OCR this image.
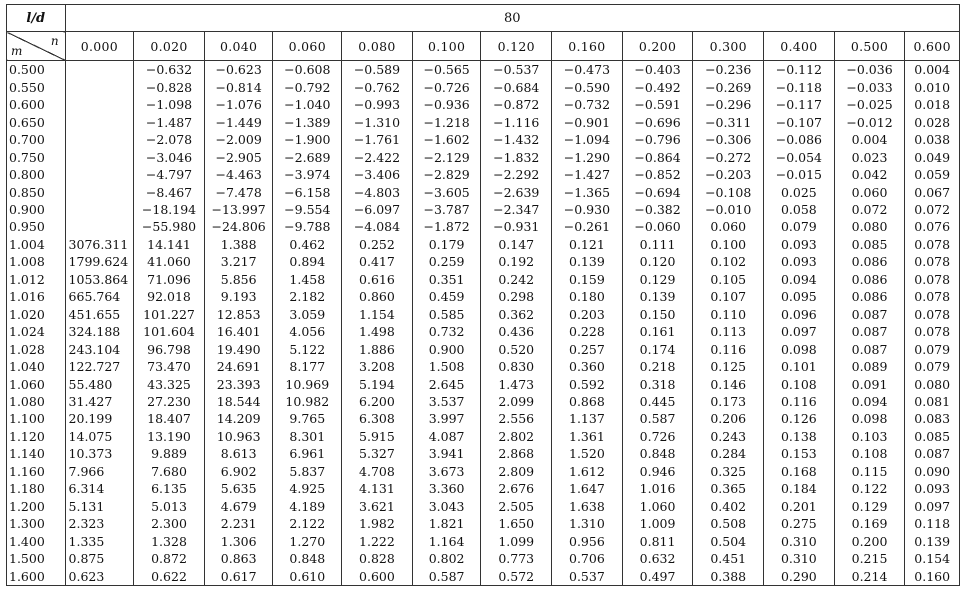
l/d	80												

n
m	0.000	0.020	0.040	0.060	0.080	0.100	0.120	0.160	0.200	0.300	0.400	0.500	0.600
0.500		−0.632	−0.623	−0.608	−0.589	−0.565	−0.537	−0.473	−0.403	−0.236	−0.112	−0.036	0.004
0.550		−0.828	−0.814	−0.792	−0.762	−0.726	−0.684	−0.590	−0.492	−0.269	−0.118	−0.033	0.010
0.600		−1.098	−1.076	−1.040	−0.993	−0.936	−0.872	−0.732	−0.591	−0.296	−0.117	−0.025	0.018
0.650		−1.487	−1.449	−1.389	−1.310	−1.218	−1.116	−0.901	−0.696	−0.311	−0.107	−0.012	0.028
0.700		−2.078	−2.009	−1.900	−1.761	−1.602	−1.432	−1.094	−0.796	−0.306	−0.086	0.004	0.038
0.750		−3.046	−2.905	−2.689	−2.422	−2.129	−1.832	−1.290	−0.864	−0.272	−0.054	0.023	0.049
0.800		−4.797	−4.463	−3.974	−3.406	−2.829	−2.292	−1.427	−0.852	−0.203	−0.015	0.042	0.059
0.850		−8.467	−7.478	−6.158	−4.803	−3.605	−2.639	−1.365	−0.694	−0.108	0.025	0.060	0.067
0.900		−18.194	−13.997	−9.554	−6.097	−3.787	−2.347	−0.930	−0.382	−0.010	0.058	0.072	0.072
0.950		−55.980	−24.806	−9.788	−4.084	−1.872	−0.931	−0.261	−0.060	0.060	0.079	0.080	0.076
1.004	3076.311	14.141	1.388	0.462	0.252	0.179	0.147	0.121	0.111	0.100	0.093	0.085	0.078
1.008	1799.624	41.060	3.217	0.894	0.417	0.259	0.192	0.139	0.120	0.102	0.093	0.086	0.078
1.012	1053.864	71.096	5.856	1.458	0.616	0.351	0.242	0.159	0.129	0.105	0.094	0.086	0.078
1.016	665.764	92.018	9.193	2.182	0.860	0.459	0.298	0.180	0.139	0.107	0.095	0.086	0.078
1.020	451.655	101.227	12.853	3.059	1.154	0.585	0.362	0.203	0.150	0.110	0.096	0.087	0.078
1.024	324.188	101.604	16.401	4.056	1.498	0.732	0.436	0.228	0.161	0.113	0.097	0.087	0.078
1.028	243.104	96.798	19.490	5.122	1.886	0.900	0.520	0.257	0.174	0.116	0.098	0.087	0.079
1.040	122.727	73.470	24.691	8.177	3.208	1.508	0.830	0.360	0.218	0.125	0.101	0.089	0.079
1.060	55.480	43.325	23.393	10.969	5.194	2.645	1.473	0.592	0.318	0.146	0.108	0.091	0.080
1.080	31.427	27.230	18.544	10.982	6.200	3.537	2.099	0.868	0.445	0.173	0.116	0.094	0.081
1.100	20.199	18.407	14.209	9.765	6.308	3.997	2.556	1.137	0.587	0.206	0.126	0.098	0.083
1.120	14.075	13.190	10.963	8.301	5.915	4.087	2.802	1.361	0.726	0.243	0.138	0.103	0.085
1.140	10.373	9.889	8.613	6.961	5.327	3.941	2.868	1.520	0.848	0.284	0.153	0.108	0.087
1.160	7.966	7.680	6.902	5.837	4.708	3.673	2.809	1.612	0.946	0.325	0.168	0.115	0.090
1.180	6.314	6.135	5.635	4.925	4.131	3.360	2.676	1.647	1.016	0.365	0.184	0.122	0.093
1.200	5.131	5.013	4.679	4.189	3.621	3.043	2.505	1.638	1.060	0.402	0.201	0.129	0.097
1.300	2.323	2.300	2.231	2.122	1.982	1.821	1.650	1.310	1.009	0.508	0.275	0.169	0.118
1.400	1.335	1.328	1.306	1.270	1.222	1.164	1.099	0.956	0.811	0.504	0.310	0.200	0.139
1.500	0.875	0.872	0.863	0.848	0.828	0.802	0.773	0.706	0.632	0.451	0.310	0.215	0.154
1.600	0.623	0.622	0.617	0.610	0.600	0.587	0.572	0.537	0.497	0.388	0.290	0.214	0.160
